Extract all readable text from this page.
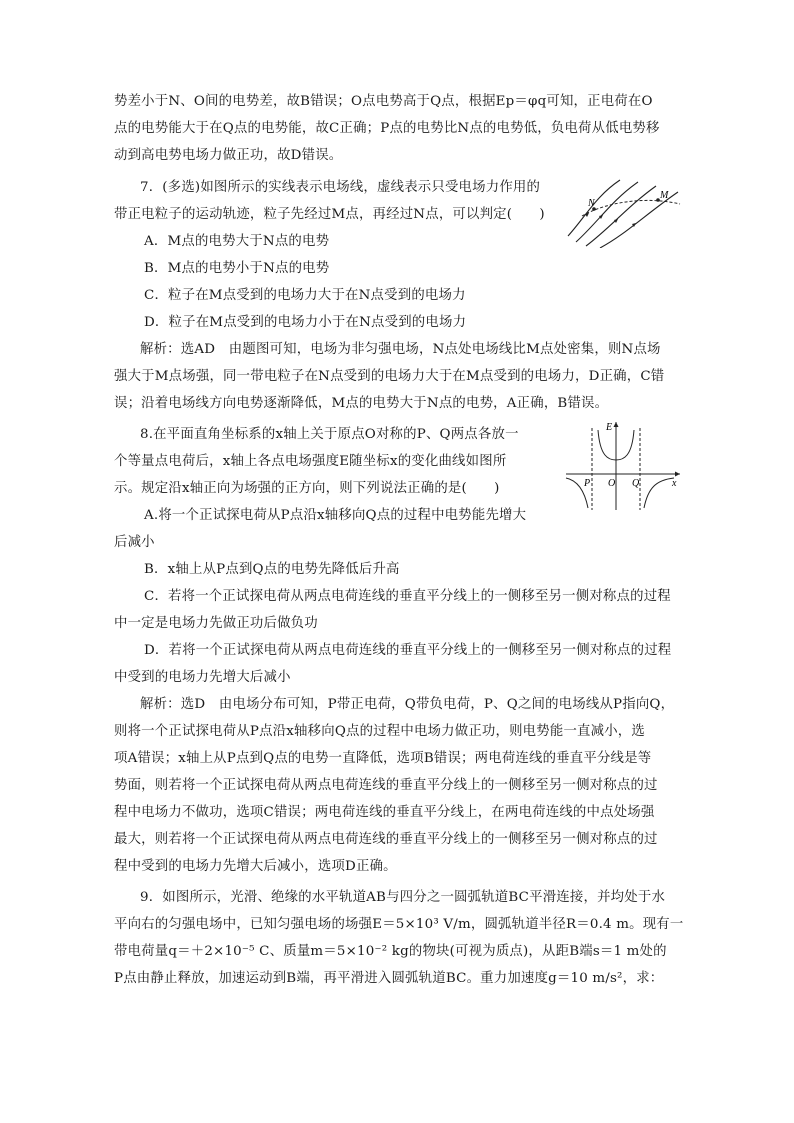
势差小于N、O间的电势差，故B错误；O点电势高于Q点，根据Ep＝φq可知，正电荷在O
点的电势能大于在Q点的电势能，故C正确；P点的电势比N点的电势低，负电荷从低电势移
动到高电势电场力做正功，故D错误。
7．(多选)如图所示的实线表示电场线，虚线表示只受电场力作用的
带正电粒子的运动轨迹，粒子先经过M点，再经过N点，可以判定(　　)
A．M点的电势大于N点的电势
B．M点的电势小于N点的电势
C．粒子在M点受到的电场力大于在N点受到的电场力
D．粒子在M点受到的电场力小于在N点受到的电场力
解析：选AD　由题图可知，电场为非匀强电场，N点处电场线比M点处密集，则N点场
强大于M点场强，同一带电粒子在N点受到的电场力大于在M点受到的电场力，D正确，C错
误；沿着电场线方向电势逐渐降低，M点的电势大于N点的电势，A正确，B错误。
N
M
8.在平面直角坐标系的x轴上关于原点O对称的P、Q两点各放一
个等量点电荷后，x轴上各点电场强度E随坐标x的变化曲线如图所
示。规定沿x轴正向为场强的正方向，则下列说法正确的是(　　)
A.将一个正试探电荷从P点沿x轴移向Q点的过程中电势能先增大
后减小
B．x轴上从P点到Q点的电势先降低后升高
C．若将一个正试探电荷从两点电荷连线的垂直平分线上的一侧移至另一侧对称点的过程
中一定是电场力先做正功后做负功
D．若将一个正试探电荷从两点电荷连线的垂直平分线上的一侧移至另一侧对称点的过程
中受到的电场力先增大后减小
解析：选D　由电场分布可知，P带正电荷，Q带负电荷，P、Q之间的电场线从P指向Q，
则将一个正试探电荷从P点沿x轴移向Q点的过程中电场力做正功，则电势能一直减小，选
项A错误；x轴上从P点到Q点的电势一直降低，选项B错误；两电荷连线的垂直平分线是等
势面，则若将一个正试探电荷从两点电荷连线的垂直平分线上的一侧移至另一侧对称点的过
程中电场力不做功，选项C错误；两电荷连线的垂直平分线上，在两电荷连线的中点处场强
最大，则若将一个正试探电荷从两点电荷连线的垂直平分线上的一侧移至另一侧对称点的过
程中受到的电场力先增大后减小，选项D正确。
E
P O Q	x
9．如图所示，光滑、绝缘的水平轨道AB与四分之一圆弧轨道BC平滑连接，并均处于水
平向右的匀强电场中，已知匀强电场的场强E＝5×10³ V/m，圆弧轨道半径R＝0.4 m。现有一
带电荷量q＝＋2×10⁻⁵ C、质量m＝5×10⁻² kg的物块(可视为质点)，从距B端s＝1 m处的
P点由静止释放，加速运动到B端，再平滑进入圆弧轨道BC。重力加速度g＝10 m/s²，求：
